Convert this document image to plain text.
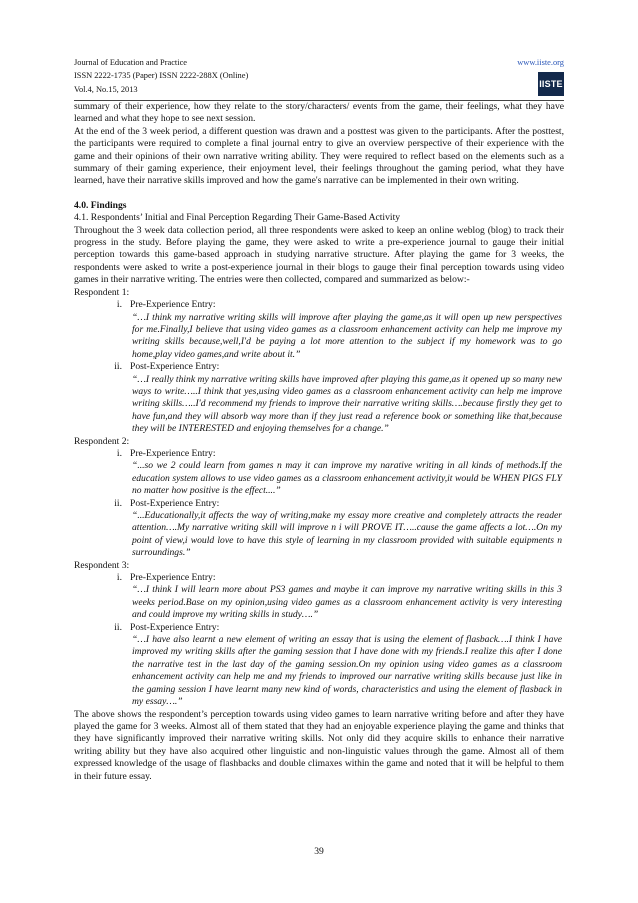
Journal of Education and Practice	www.iiste.org
ISSN 2222-1735 (Paper) ISSN 2222-288X (Online)
Vol.4, No.15, 2013
IISTE

summary of their experience, how they relate to the story/characters/ events from the game, their feelings, what they have learned and what they hope to see next session.

At the end of the 3 week period, a different question was drawn and a posttest was given to the participants. After the posttest, the participants were required to complete a final journal entry to give an overview perspective of their experience with the game and their opinions of their own narrative writing ability. They were required to reflect based on the elements such as a summary of their gaming experience, their enjoyment level, their feelings throughout the gaming period, what they have learned, have their narrative skills improved and how the game's narrative can be implemented in their own writing.

4.0. Findings

4.1. Respondents’ Initial and Final Perception Regarding Their Game-Based Activity

Throughout the 3 week data collection period, all three respondents were asked to keep an online weblog (blog) to track their progress in the study. Before playing the game, they were asked to write a pre-experience journal to gauge their initial perception towards this game-based approach in studying narrative structure. After playing the game for 3 weeks, the respondents were asked to write a post-experience journal in their blogs to gauge their final perception towards using video games in their narrative writing. The entries were then collected, compared and summarized as below:-

Respondent 1:

i. Pre-Experience Entry:

“…I think my narrative writing skills will improve after playing the game,as it will open up new perspectives for me.Finally,I believe that using video games as a classroom enhancement activity can help me improve my writing skills because,well,I'd be paying a lot more attention to the subject if my homework was to go home,play video games,and write about it.”

ii. Post-Experience Entry:

“…I really think my narrative writing skills have improved after playing this game,as it opened up so many new ways to write…..I think that yes,using video games as a classroom enhancement activity can help me improve writing skills…..I'd recommend my friends to improve their narrative writing skills….because firstly they get to have fun,and they will absorb way more than if they just read a reference book or something like that,because they will be INTERESTED and enjoying themselves for a change.”

Respondent 2:

i. Pre-Experience Entry:

“...so we 2 could learn from games n may it can improve my narative writing in all kinds of methods.If the education system allows to use video games as a classroom enhancement activity,it would be WHEN PIGS FLY no matter how positive is the effect....”

ii. Post-Experience Entry:

“...Educationally,it affects the way of writing,make my essay more creative and completely attracts the reader attention….My narrative writing skill will improve n i will PROVE IT…..cause the game affects a lot….On my point of view,i would love to have this style of learning in my classroom provided with suitable equipments n surroundings.”

Respondent 3:

i. Pre-Experience Entry:

“…I think I will learn more about PS3 games and maybe it can improve my narrative writing skills in this 3 weeks period.Base on my opinion,using video games as a classroom enhancement activity is very interesting and could improve my writing skills in study….”

ii. Post-Experience Entry:

“…I have also learnt a new element of writing an essay that is using the element of flasback….I think I have improved my writing skills after the gaming session that I have done with my friends.I realize this after I done the narrative test in the last day of the gaming session.On my opinion using video games as a classroom enhancement activity can help me and my friends to improved our narrative writing skills because just like in the gaming session I have learnt many new kind of words, characteristics and using the element of flasback in my essay….”

The above shows the respondent’s perception towards using video games to learn narrative writing before and after they have played the game for 3 weeks. Almost all of them stated that they had an enjoyable experience playing the game and thinks that they have significantly improved their narrative writing skills. Not only did they acquire skills to enhance their narrative writing ability but they have also acquired other linguistic and non-linguistic values through the game. Almost all of them expressed knowledge of the usage of flashbacks and double climaxes within the game and noted that it will be helpful to them in their future essay.

39
